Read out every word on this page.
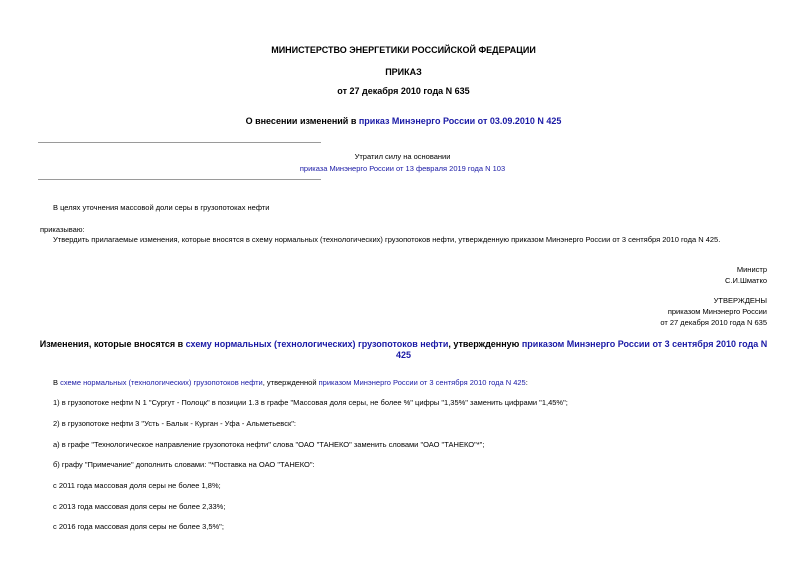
МИНИСТЕРСТВО ЭНЕРГЕТИКИ РОССИЙСКОЙ ФЕДЕРАЦИИ
ПРИКАЗ
от 27 декабря 2010 года N 635
О внесении изменений в приказ Минэнерго России от 03.09.2010 N 425
Утратил силу на основании
приказа Минэнерго России от 13 февраля 2019 года N 103
В целях уточнения массовой доли серы в грузопотоках нефти
приказываю:
Утвердить прилагаемые изменения, которые вносятся в схему нормальных (технологических) грузопотоков нефти, утвержденную приказом Минэнерго России от 3 сентября 2010 года N 425.
Министр
С.И.Шматко
УТВЕРЖДЕНЫ
приказом Минэнерго России
от 27 декабря 2010 года N 635
Изменения, которые вносятся в схему нормальных (технологических) грузопотоков нефти, утвержденную приказом Минэнерго России от 3 сентября 2010 года N
425
В схеме нормальных (технологических) грузопотоков нефти, утвержденной приказом Минэнерго России от 3 сентября 2010 года N 425:
1) в грузопотоке нефти N 1 "Сургут - Полоцк" в позиции 1.3 в графе "Массовая доля серы, не более %" цифры "1,35%" заменить цифрами "1,45%";
2) в грузопотоке нефти 3 "Усть - Балык - Курган - Уфа - Альметьевск":
а) в графе "Технологическое направление грузопотока нефти" слова "ОАО "ТАНЕКО" заменить словами "ОАО "ТАНЕКО"*";
б) графу "Примечание" дополнить словами: "*Поставка на ОАО "ТАНЕКО":
с 2011 года массовая доля серы не более 1,8%;
с 2013 года массовая доля серы не более 2,33%;
с 2016 года массовая доля серы не более 3,5%";
